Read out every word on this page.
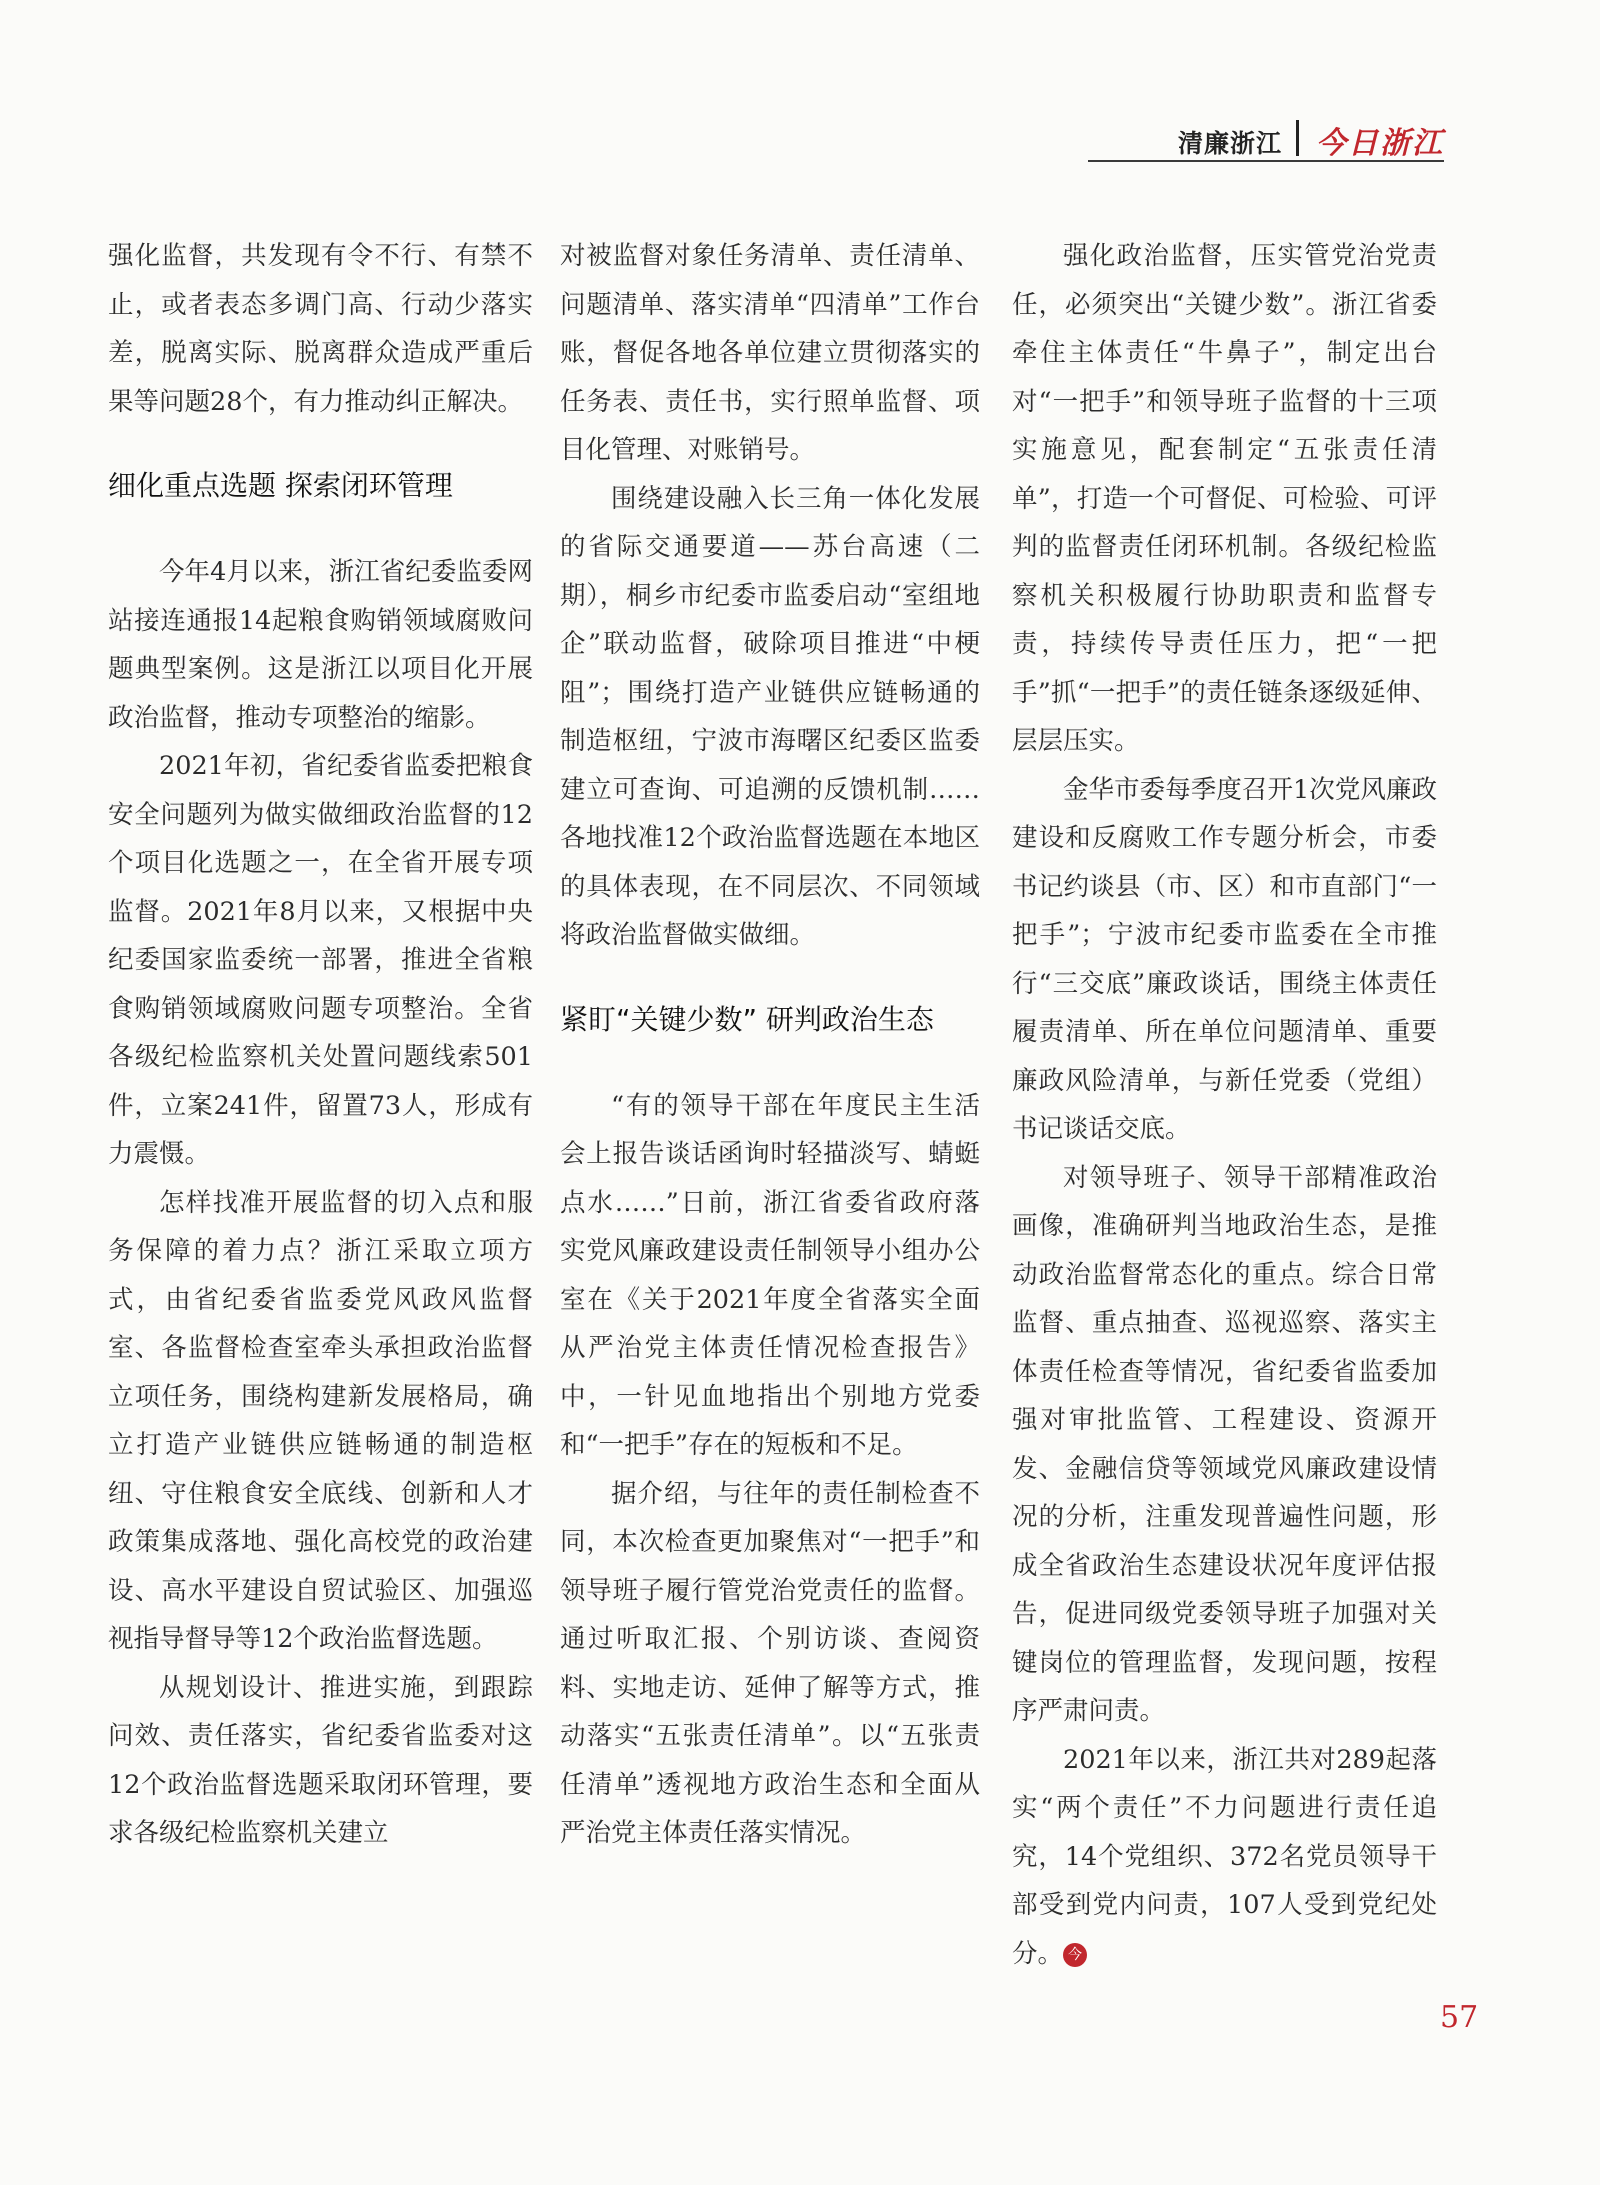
清廉浙江 今日浙江

强化监督，共发现有令不行、有禁不止，或者表态多调门高、行动少落实差，脱离实际、脱离群众造成严重后果等问题28个，有力推动纠正解决。

细化重点选题 探索闭环管理

今年4月以来，浙江省纪委监委网站接连通报14起粮食购销领域腐败问题典型案例。这是浙江以项目化开展政治监督，推动专项整治的缩影。

2021年初，省纪委省监委把粮食安全问题列为做实做细政治监督的12个项目化选题之一，在全省开展专项监督。2021年8月以来，又根据中央纪委国家监委统一部署，推进全省粮食购销领域腐败问题专项整治。全省各级纪检监察机关处置问题线索501件，立案241件，留置73人，形成有力震慑。

怎样找准开展监督的切入点和服务保障的着力点？浙江采取立项方式，由省纪委省监委党风政风监督室、各监督检查室牵头承担政治监督立项任务，围绕构建新发展格局，确立打造产业链供应链畅通的制造枢纽、守住粮食安全底线、创新和人才政策集成落地、强化高校党的政治建设、高水平建设自贸试验区、加强巡视指导督导等12个政治监督选题。

从规划设计、推进实施，到跟踪问效、责任落实，省纪委省监委对这12个政治监督选题采取闭环管理，要求各级纪检监察机关建立

对被监督对象任务清单、责任清单、问题清单、落实清单“四清单”工作台账，督促各地各单位建立贯彻落实的任务表、责任书，实行照单监督、项目化管理、对账销号。

围绕建设融入长三角一体化发展的省际交通要道——苏台高速（二期），桐乡市纪委市监委启动“室组地企”联动监督，破除项目推进“中梗阻”；围绕打造产业链供应链畅通的制造枢纽，宁波市海曙区纪委区监委建立可查询、可追溯的反馈机制……各地找准12个政治监督选题在本地区的具体表现，在不同层次、不同领域将政治监督做实做细。

紧盯“关键少数” 研判政治生态

“有的领导干部在年度民主生活会上报告谈话函询时轻描淡写、蜻蜓点水……”日前，浙江省委省政府落实党风廉政建设责任制领导小组办公室在《关于2021年度全省落实全面从严治党主体责任情况检查报告》中，一针见血地指出个别地方党委和“一把手”存在的短板和不足。

据介绍，与往年的责任制检查不同，本次检查更加聚焦对“一把手”和领导班子履行管党治党责任的监督。通过听取汇报、个别访谈、查阅资料、实地走访、延伸了解等方式，推动落实“五张责任清单”。以“五张责任清单”透视地方政治生态和全面从严治党主体责任落实情况。

强化政治监督，压实管党治党责任，必须突出“关键少数”。浙江省委牵住主体责任“牛鼻子”，制定出台对“一把手”和领导班子监督的十三项实施意见，配套制定“五张责任清单”，打造一个可督促、可检验、可评判的监督责任闭环机制。各级纪检监察机关积极履行协助职责和监督专责，持续传导责任压力，把“一把手”抓“一把手”的责任链条逐级延伸、层层压实。

金华市委每季度召开1次党风廉政建设和反腐败工作专题分析会，市委书记约谈县（市、区）和市直部门“一把手”；宁波市纪委市监委在全市推行“三交底”廉政谈话，围绕主体责任履责清单、所在单位问题清单、重要廉政风险清单，与新任党委（党组）书记谈话交底。

对领导班子、领导干部精准政治画像，准确研判当地政治生态，是推动政治监督常态化的重点。综合日常监督、重点抽查、巡视巡察、落实主体责任检查等情况，省纪委省监委加强对审批监管、工程建设、资源开发、金融信贷等领域党风廉政建设情况的分析，注重发现普遍性问题，形成全省政治生态建设状况年度评估报告，促进同级党委领导班子加强对关键岗位的管理监督，发现问题，按程序严肃问责。

2021年以来，浙江共对289起落实“两个责任”不力问题进行责任追究，14个党组织、372名党员领导干部受到党内问责，107人受到党纪处分。 今

57
